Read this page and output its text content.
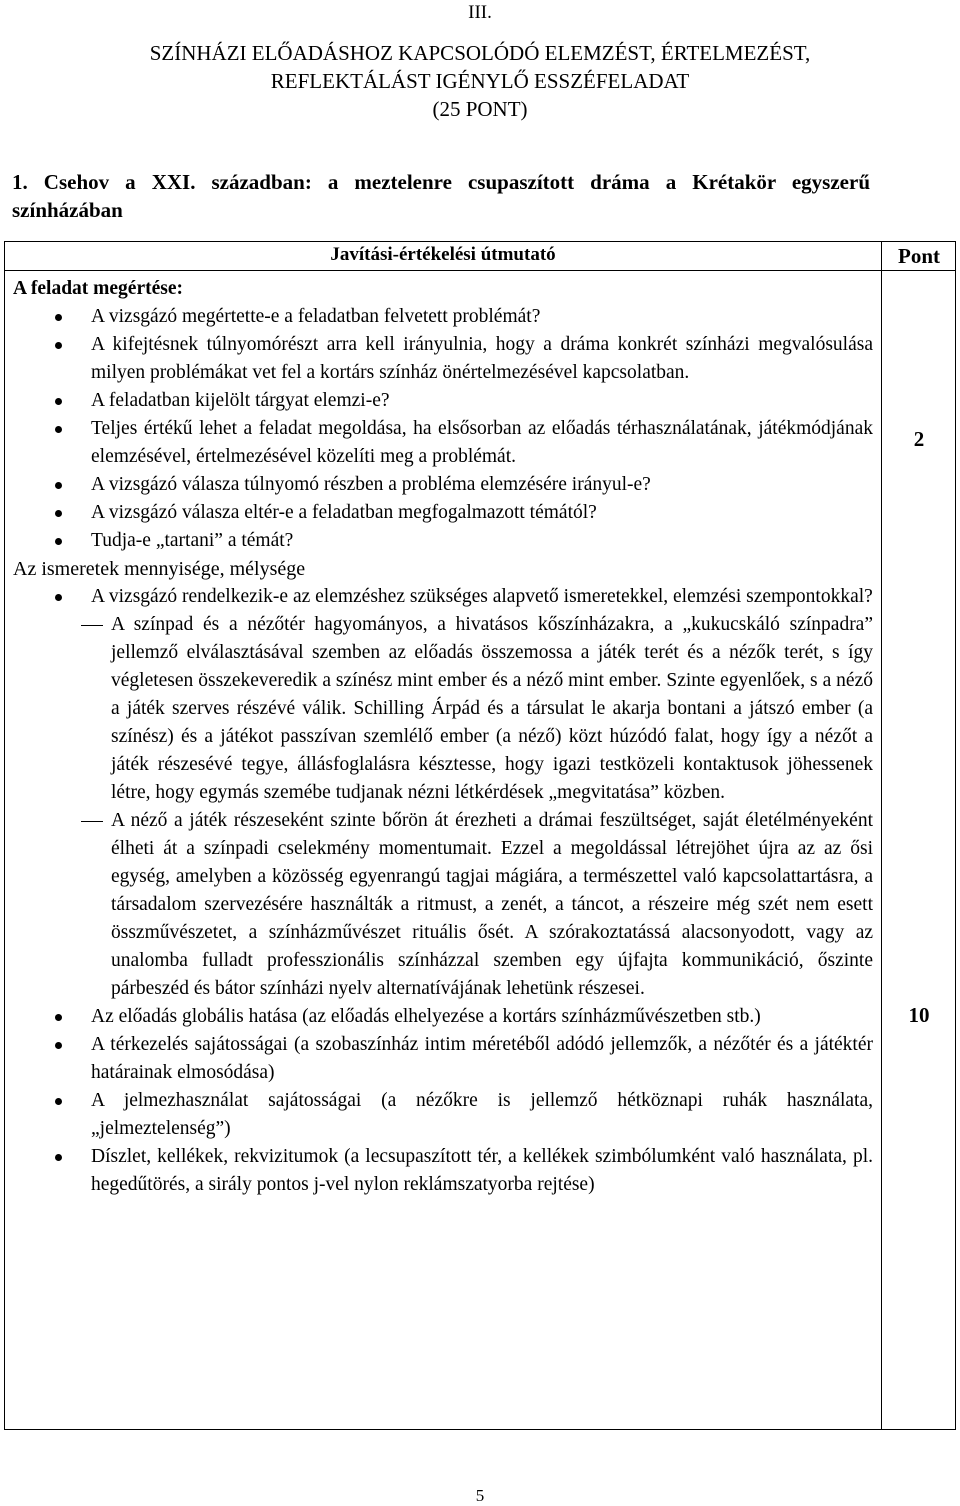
III.
SZÍNHÁZI ELŐADÁSHOZ KAPCSOLÓDÓ ELEMZÉST, ÉRTELMEZÉST,
REFLEKTÁLÁST IGÉNYLŐ ESSZÉFELADAT
(25 PONT)
1. Csehov a XXI. században: a meztelenre csupaszított dráma a Krétakör egyszerű
színházában
Javítási-értékelési útmutató	Pont
A feladat megértése:
A vizsgázó megértette-e a feladatban felvetett problémát?
A kifejtésnek túlnyomórészt arra kell irányulnia, hogy a dráma konkrét színházi megvalósulása milyen problémákat vet fel a kortárs színház önértelmezésével kapcsolatban.
A feladatban kijelölt tárgyat elemzi-e?
Teljes értékű lehet a feladat megoldása, ha elsősorban az előadás térhasználatának, játékmódjának elemzésével, értelmezésével közelíti meg a problémát.
A vizsgázó válasza túlnyomó részben a probléma elemzésére irányul-e?
A vizsgázó válasza eltér-e a feladatban megfogalmazott témától?
Tudja-e „tartani” a témát?
Az ismeretek mennyisége, mélysége
A vizsgázó rendelkezik-e az elemzéshez szükséges alapvető ismeretekkel, elemzési szempontokkal?
A színpad és a nézőtér hagyományos, a hivatásos kőszínházakra, a „kukucskáló színpadra” jellemző elválasztásával szemben az előadás összemossa a játék terét és a nézők terét, s így végletesen összekeveredik a színész mint ember és a néző mint ember. Szinte egyenlőek, s a néző a játék szerves részévé válik. Schilling Árpád és a társulat le akarja bontani a játszó ember (a színész) és a játékot passzívan szemlélő ember (a néző) közt húzódó falat, hogy így a nézőt a játék részesévé tegye, állásfoglalásra késztesse, hogy igazi testközeli kontaktusok jöhessenek létre, hogy egymás szemébe tudjanak nézni létkérdések „megvitatása” közben.
A néző a játék részeseként szinte bőrön át érezheti a drámai feszültséget, saját életélményeként élheti át a színpadi cselekmény momentumait. Ezzel a megoldással létrejöhet újra az az ősi egység, amelyben a közösség egyenrangú tagjai mágiára, a természettel való kapcsolattartásra, a társadalom szervezésére használták a ritmust, a zenét, a táncot, a részeire még szét nem esett összművészetet, a színházművészet rituális ősét. A szórakoztatássá alacsonyodott, vagy az unalomba fulladt professzionális színházzal szemben egy újfajta kommunikáció, őszinte párbeszéd és bátor színházi nyelv alternatívájának lehetünk részesei.
Az előadás globális hatása (az előadás elhelyezése a kortárs színházművészetben stb.)
A térkezelés sajátosságai (a szobaszínház intim méretéből adódó jellemzők, a nézőtér és a játéktér határainak elmosódása)
A jelmezhasználat sajátosságai (a nézőkre is jellemző hétköznapi ruhák használata, „jelmeztelenség”)
Díszlet, kellékek, rekvizitumok (a lecsupaszított tér, a kellékek szimbólumként való használata, pl. hegedűtörés, a sirály pontos j-vel nylon reklámszatyorba rejtése)
2
10
5
